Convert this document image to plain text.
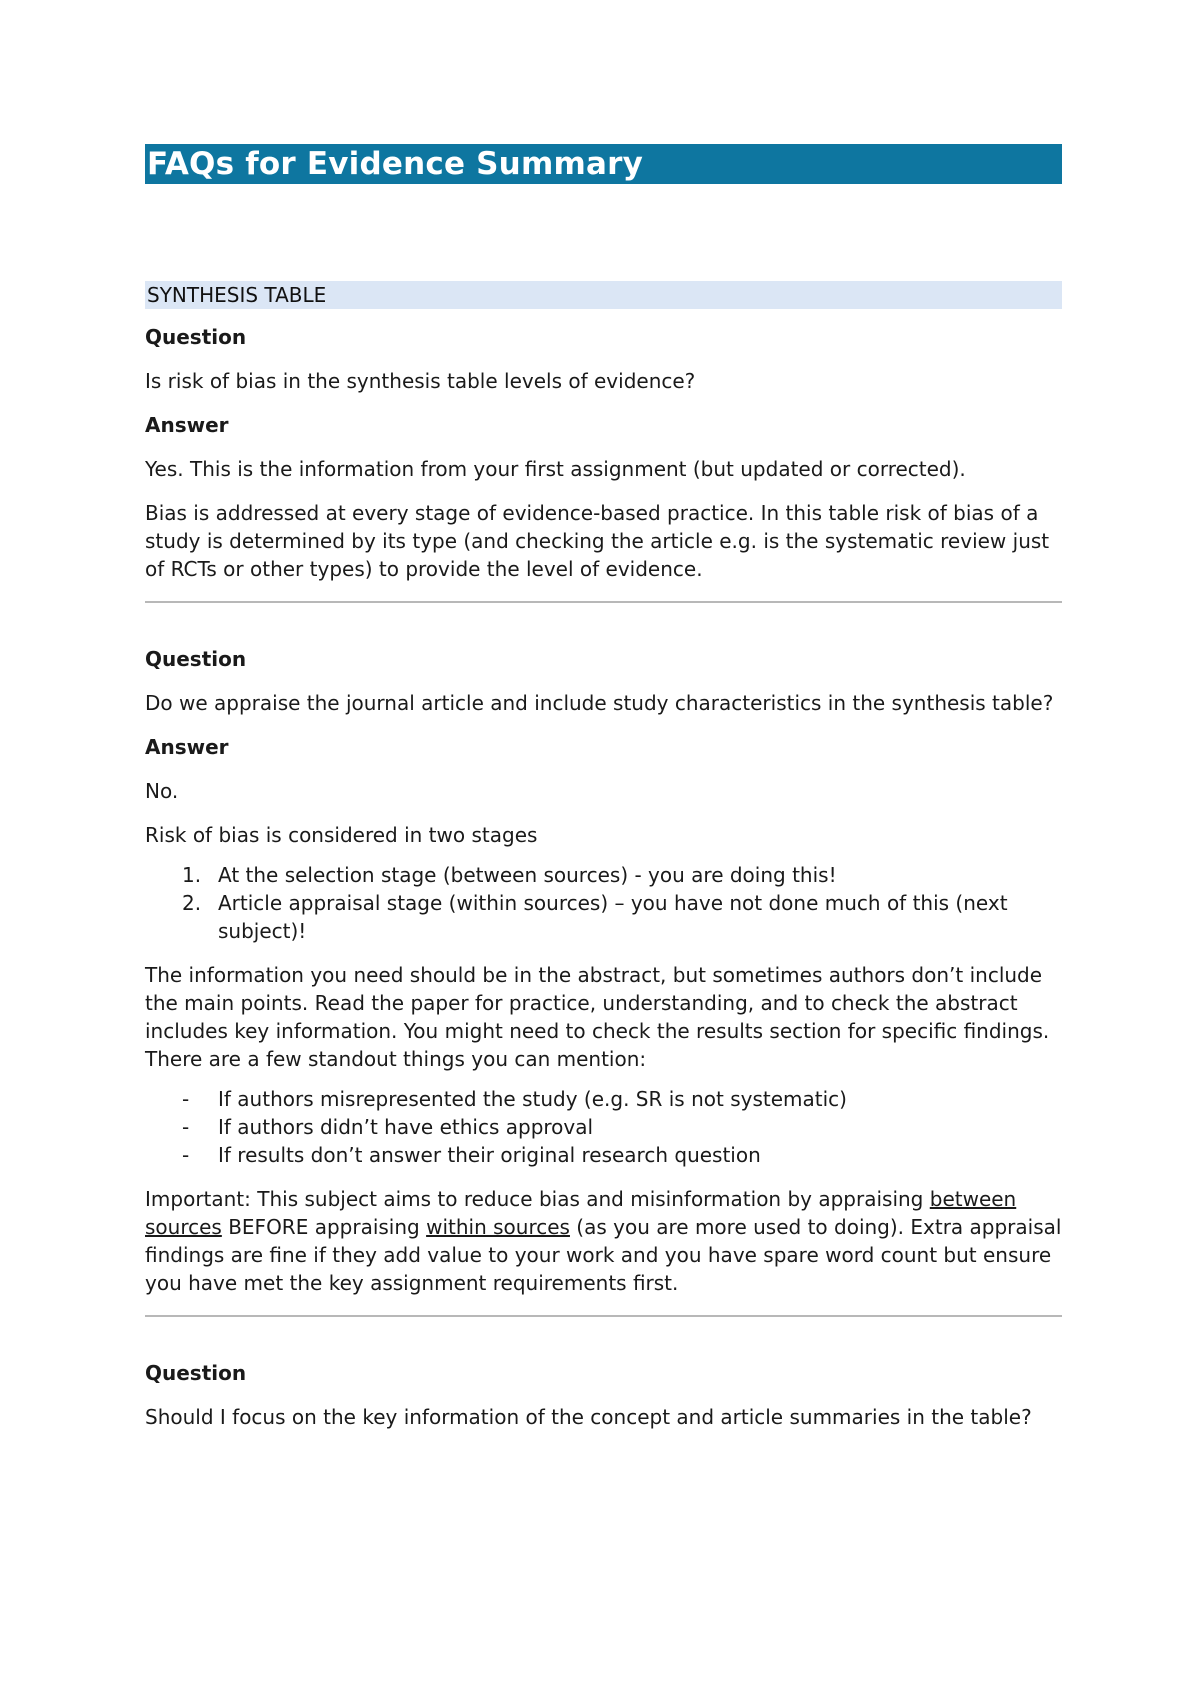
FAQs for Evidence Summary
SYNTHESIS TABLE

Question

Is risk of bias in the synthesis table levels of evidence?

Answer

Yes. This is the information from your first assignment (but updated or corrected).

Bias is addressed at every stage of evidence-based practice. In this table risk of bias of a study is determined by its type (and checking the article e.g. is the systematic review just of RCTs or other types) to provide the level of evidence.

Question

Do we appraise the journal article and include study characteristics in the synthesis table?

Answer

No.

Risk of bias is considered in two stages

1. At the selection stage (between sources) - you are doing this!
2. Article appraisal stage (within sources) – you have not done much of this (next subject)!

The information you need should be in the abstract, but sometimes authors don’t include the main points. Read the paper for practice, understanding, and to check the abstract includes key information. You might need to check the results section for specific findings. There are a few standout things you can mention:

-	If authors misrepresented the study (e.g. SR is not systematic)
-	If authors didn’t have ethics approval
-	If results don’t answer their original research question

Important: This subject aims to reduce bias and misinformation by appraising between sources BEFORE appraising within sources (as you are more used to doing). Extra appraisal findings are fine if they add value to your work and you have spare word count but ensure you have met the key assignment requirements first.

Question

Should I focus on the key information of the concept and article summaries in the table?
